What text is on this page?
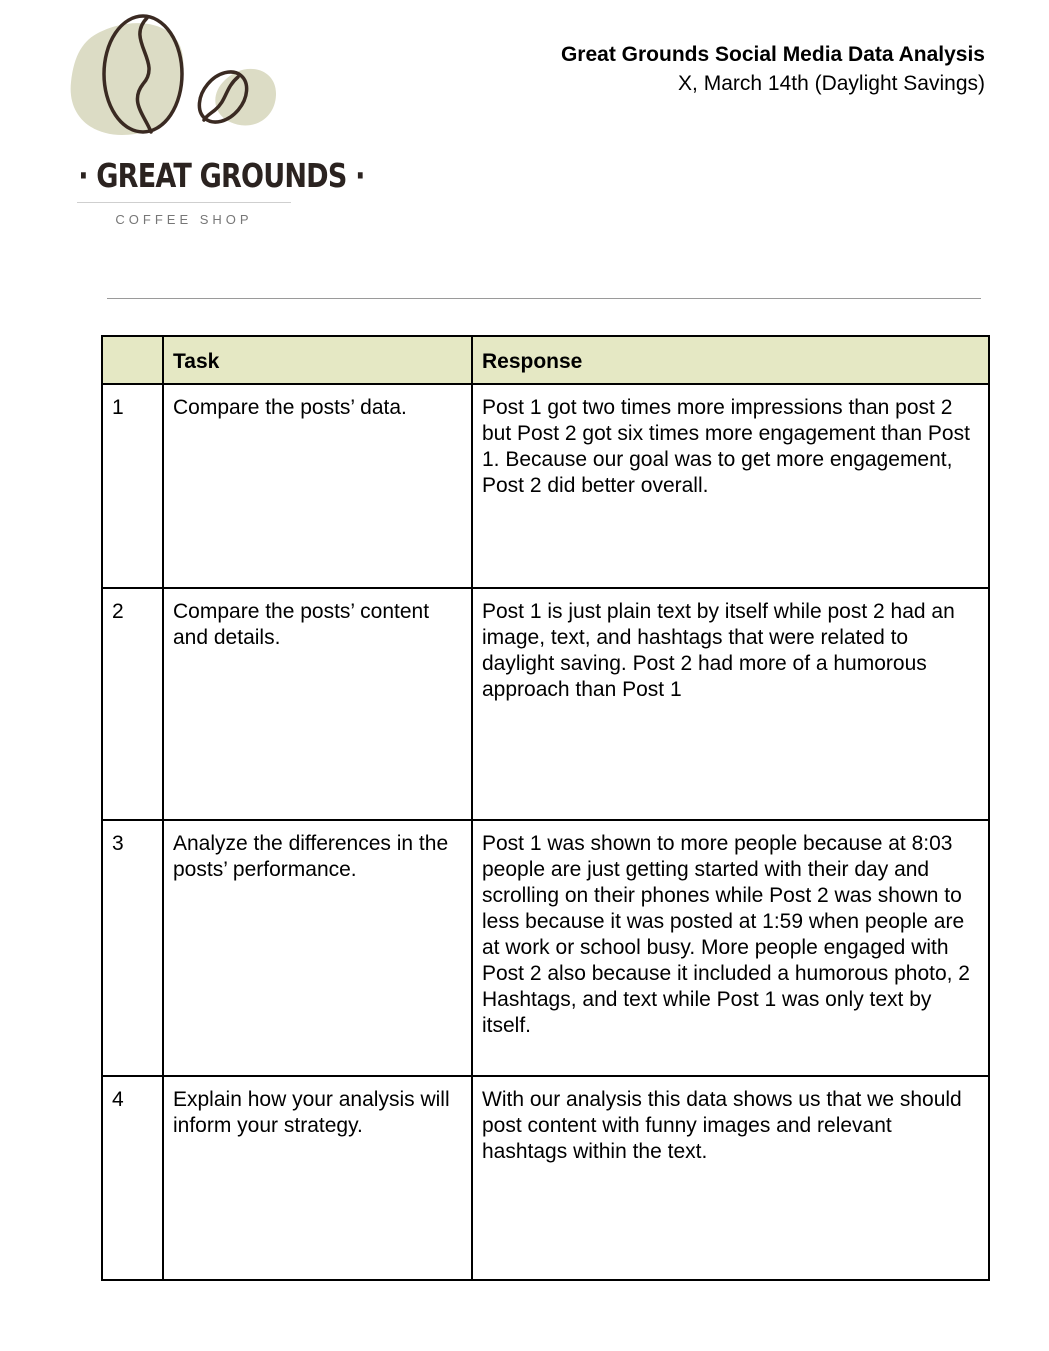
· GREAT GROUNDS ·
COFFEE SHOP
Great Grounds Social Media Data Analysis
X, March 14th (Daylight Savings)
	Task	Response
1	Compare the posts’ data.	Post 1 got two times more impressions than post 2 but Post 2 got six times more engagement than Post 1. Because our goal was to get more engagement, Post 2 did better overall.
2	Compare the posts’ content and details.	Post 1 is just plain text by itself while post 2 had an image, text, and hashtags that were related to daylight saving. Post 2 had more of a humorous approach than Post 1
3	Analyze the differences in the posts’ performance.	Post 1 was shown to more people because at 8:03 people are just getting started with their day and scrolling on their phones while Post 2 was shown to less because it was posted at 1:59 when people are at work or school busy. More people engaged with Post 2 also because it included a humorous photo, 2 Hashtags, and text while Post 1 was only text by itself.
4	Explain how your analysis will inform your strategy.	With our analysis this data shows us that we should post content with funny images and relevant hashtags within the text.
